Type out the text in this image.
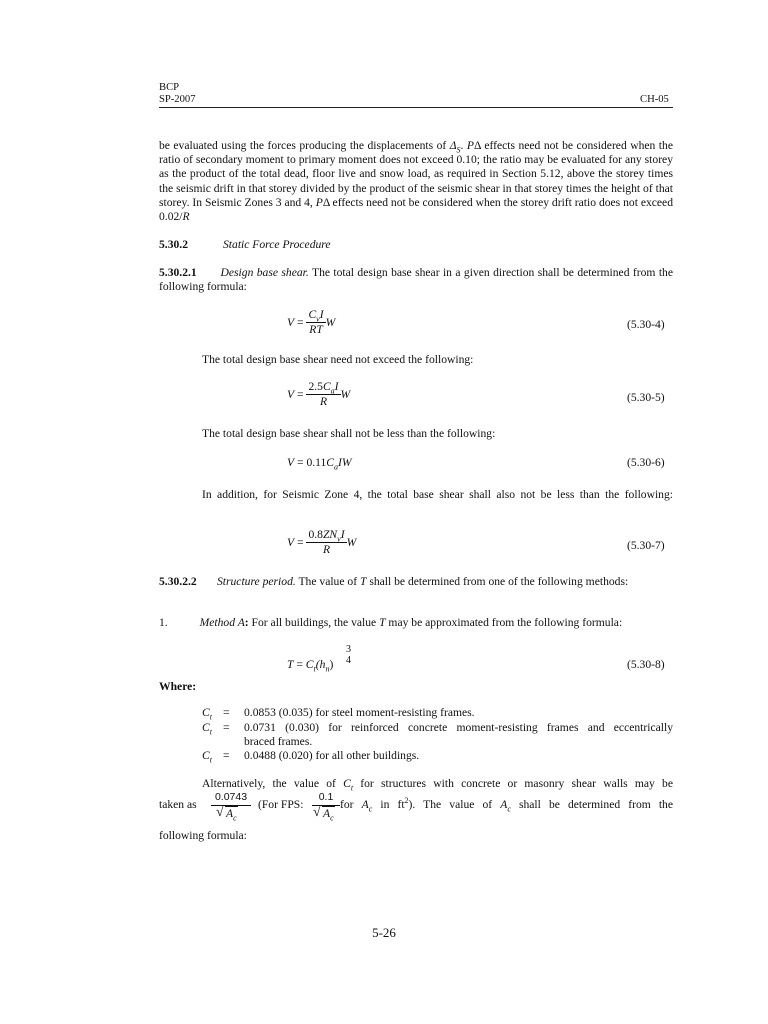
BCP
SP-2007	CH-05
be evaluated using the forces producing the displacements of $\Delta_S$. PΔ effects need not be considered when the ratio of secondary moment to primary moment does not exceed 0.10; the ratio may be evaluated for any storey as the product of the total dead, floor live and snow load, as required in Section 5.12, above the storey times the seismic drift in that storey divided by the product of the seismic shear in that storey times the height of that storey. In Seismic Zones 3 and 4, PΔ effects need not be considered when the storey drift ratio does not exceed 0.02/R
5.30.2	Static Force Procedure
5.30.2.1 Design base shear. The total design base shear in a given direction shall be determined from the following formula:
$V = \frac{C_vI}{RT}$ W	(5.30-4)
The total design base shear need not exceed the following:
$V = \frac{2.5C_aI}{R}$ W	(5.30-5)
The total design base shear shall not be less than the following:
$V = 0.11C_aIW$	(5.30-6)
In addition, for Seismic Zone 4, the total base shear shall also not be less than the following:
$V = \frac{0.8ZN_vI}{R}$ W	(5.30-7)
5.30.2.2 Structure period. The value of T shall be determined from one of the following methods:
1.	Method A: For all buildings, the value T may be approximated from the following formula:
$T = C_t(h_n)$
3
4	(5.30-8)
Where:
$C_t = 0.0853$ (0.035) for steel moment-resisting frames.
$C_t = 0.0731$ (0.030) for reinforced concrete moment-resisting frames and eccentrically
braced frames.
$C_t = 0.0488$ (0.020) for all other buildings.
Alternatively, the value of $C_t$ for structures with concrete or masonry shear walls may be
taken as
0.0743
√ $A_c$
(For FPS:
0.1
√ $A_c$
for $A_c$ in $ft^2$). The value of $A_c$ shall be determined from the
following formula:
5-26
